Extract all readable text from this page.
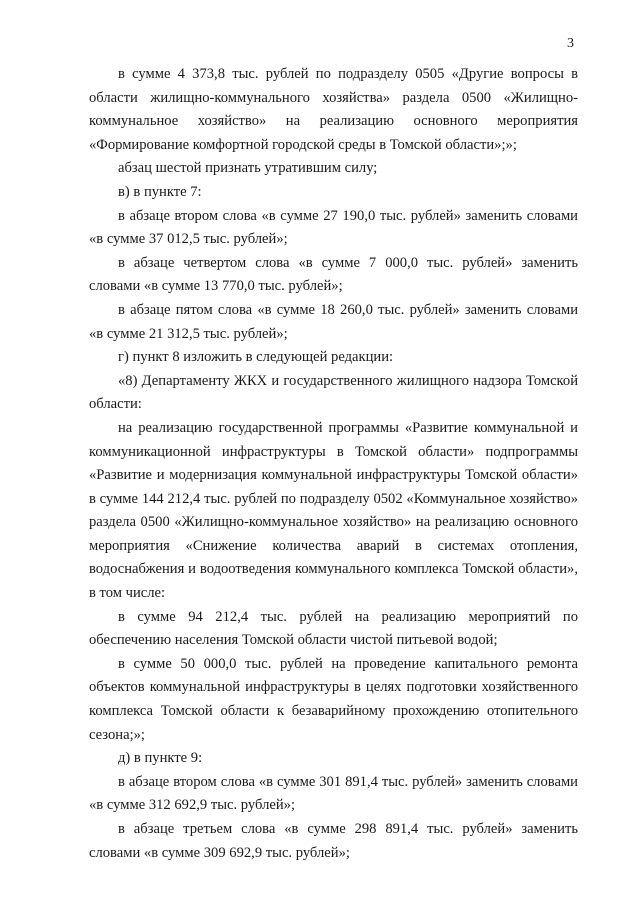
3

в сумме 4 373,8 тыс. рублей по подразделу 0505 «Другие вопросы в области жилищно-коммунального хозяйства» раздела 0500 «Жилищно-коммунальное хозяйство» на реализацию основного мероприятия «Формирование комфортной городской среды в Томской области»;»;

абзац шестой признать утратившим силу;

в) в пункте 7:

в абзаце втором слова «в сумме 27 190,0 тыс. рублей» заменить словами «в сумме 37 012,5 тыс. рублей»;

в абзаце четвертом слова «в сумме 7 000,0 тыс. рублей» заменить словами «в сумме 13 770,0 тыс. рублей»;

в абзаце пятом слова «в сумме 18 260,0 тыс. рублей» заменить словами «в сумме 21 312,5 тыс. рублей»;

г) пункт 8 изложить в следующей редакции:

«8) Департаменту ЖКХ и государственного жилищного надзора Томской области:

на реализацию государственной программы «Развитие коммунальной и коммуникационной инфраструктуры в Томской области» подпрограммы «Развитие и модернизация коммунальной инфраструктуры Томской области» в сумме 144 212,4 тыс. рублей по подразделу 0502 «Коммунальное хозяйство» раздела 0500 «Жилищно-коммунальное хозяйство» на реализацию основного мероприятия «Снижение количества аварий в системах отопления, водоснабжения и водоотведения коммунального комплекса Томской области», в том числе:

в сумме 94 212,4 тыс. рублей на реализацию мероприятий по обеспечению населения Томской области чистой питьевой водой;

в сумме 50 000,0 тыс. рублей на проведение капитального ремонта объектов коммунальной инфраструктуры в целях подготовки хозяйственного комплекса Томской области к безаварийному прохождению отопительного сезона;»;

д) в пункте 9:

в абзаце втором слова «в сумме 301 891,4 тыс. рублей» заменить словами «в сумме 312 692,9 тыс. рублей»;

в абзаце третьем слова «в сумме 298 891,4 тыс. рублей» заменить словами «в сумме 309 692,9 тыс. рублей»;
